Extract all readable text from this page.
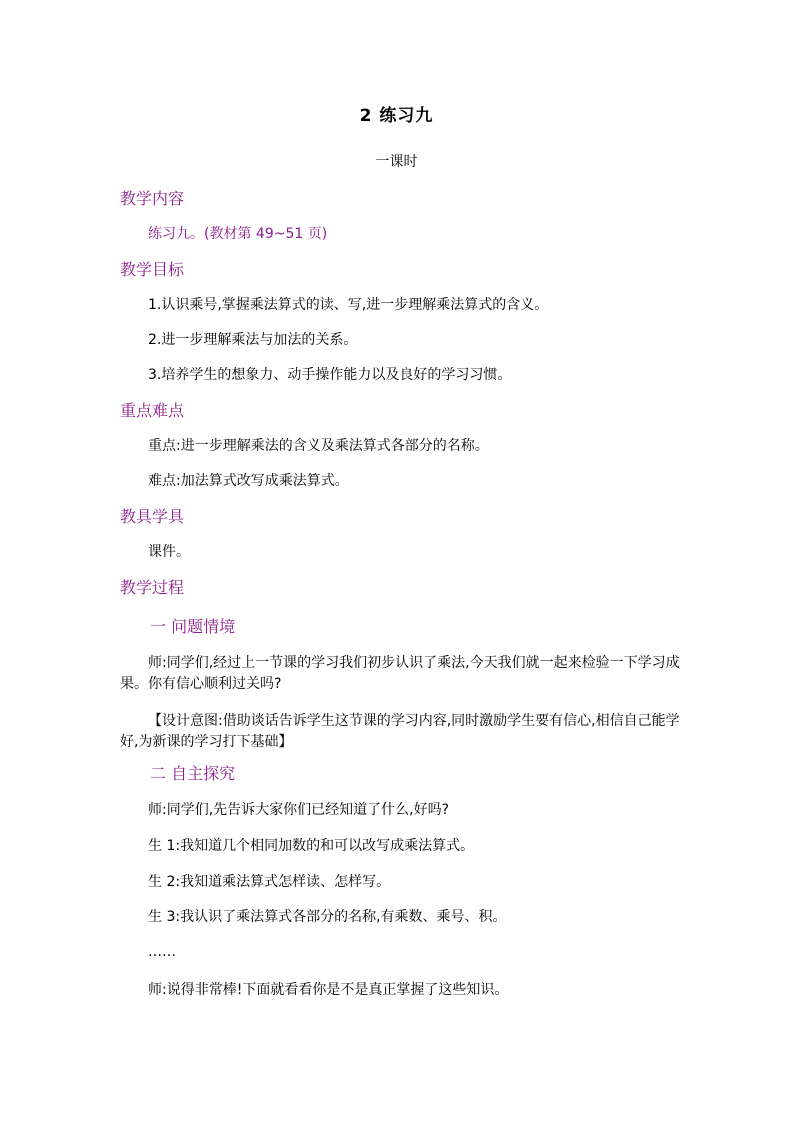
2 练习九
一课时
教学内容
练习九。(教材第 49~51 页)
教学目标
1.认识乘号,掌握乘法算式的读、写,进一步理解乘法算式的含义。
2.进一步理解乘法与加法的关系。
3.培养学生的想象力、动手操作能力以及良好的学习习惯。
重点难点
重点:进一步理解乘法的含义及乘法算式各部分的名称。
难点:加法算式改写成乘法算式。
教具学具
课件。
教学过程
一 问题情境
师:同学们,经过上一节课的学习我们初步认识了乘法,今天我们就一起来检验一下学习成果。你有信心顺利过关吗?
【设计意图:借助谈话告诉学生这节课的学习内容,同时激励学生要有信心,相信自己能学好,为新课的学习打下基础】
二 自主探究
师:同学们,先告诉大家你们已经知道了什么,好吗?
生 1:我知道几个相同加数的和可以改写成乘法算式。
生 2:我知道乘法算式怎样读、怎样写。
生 3:我认识了乘法算式各部分的名称,有乘数、乘号、积。
……
师:说得非常棒!下面就看看你是不是真正掌握了这些知识。
